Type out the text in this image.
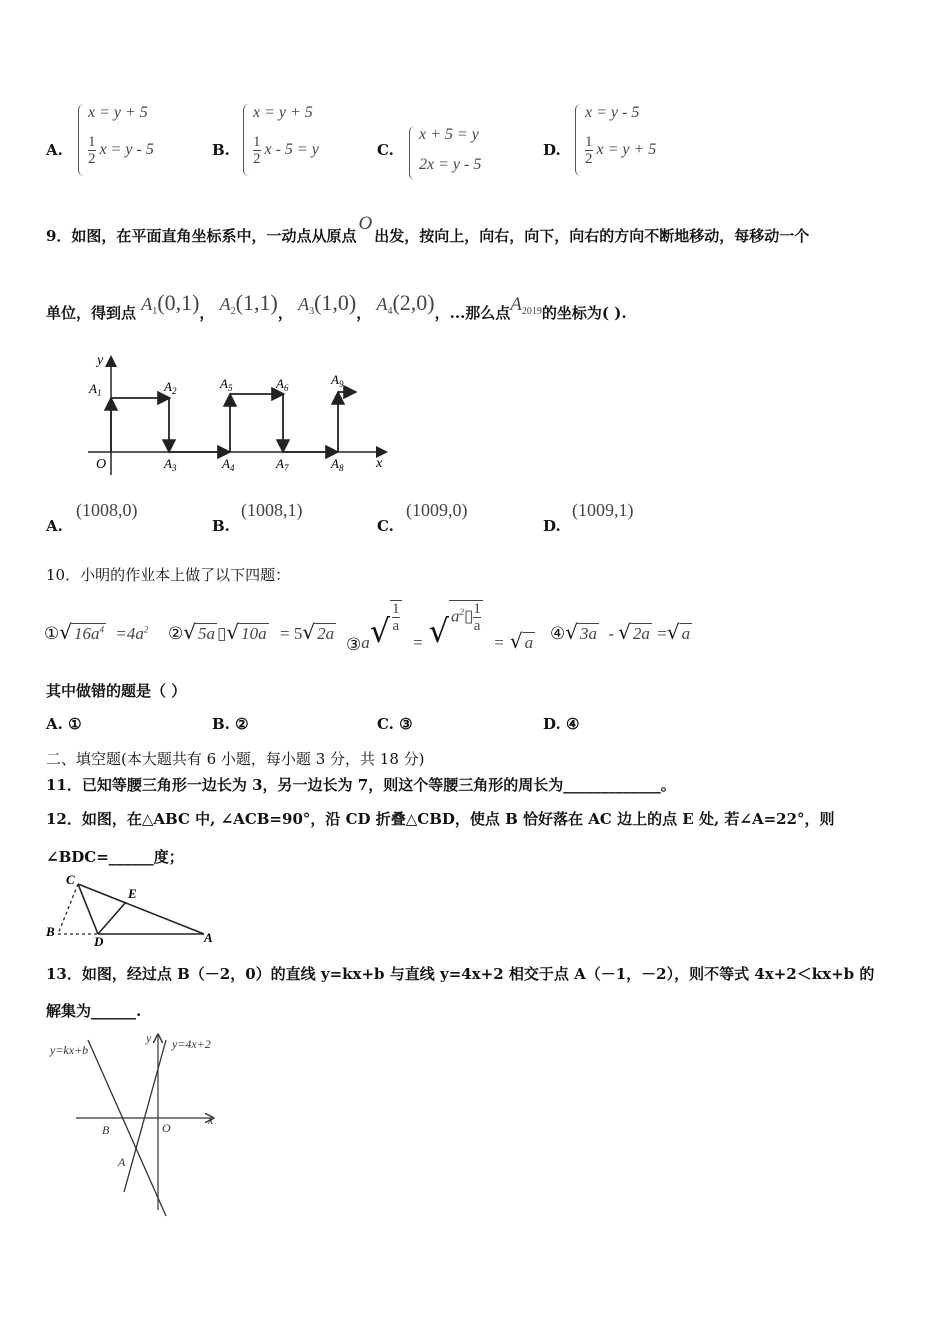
A.
x = y + 5
$\frac{1}{2}$ x = y - 5	B.
x = y + 5
$\frac{1}{2}$ x - 5 = y	C.
x + 5 = y
2x = y - 5
D.
x = y - 5
$\frac{1}{2}$ x = y + 5
9．如图，在平面直角坐标系中，一动点从原点O出发，按向上，向右，向下，向右的方向不断地移动，每移动一个
单位，得到点 $A_1(0,1)$， $A_2(1,1)$， $A_3(1,0)$， $A_4(2,0)$，...那么点$A_{2019}$的坐标为( ).
y
x
O
$A_1$	$A_2$	$A_5$	$A_6$
$A_9$
$A_3$	$A_4$	$A_7$	$A_8$
A.
(1008,0)
B.
(1008,1)
C.
(1009,0)
D.
(1009,1)
10．小明的作业本上做了以下四题：
①√ $16a^4 =4a^2$ ②√ 5a ▯√ 10a = 5√ 2a
③a√ $\frac{1}{a}$
= √ $a^2▯ \frac{1}{a}$
= √ a ④√ 3a - √ 2a =√ a
其中做错的题是（ ）
A. ①	B. ②	C. ③	D. ④
二、填空题(本大题共有 6 小题，每小题 3 分，共 18 分)
11．已知等腰三角形一边长为 3，另一边长为 7，则这个等腰三角形的周长为_____________。
12．如图，在△ABC 中, ∠ACB=90°，沿 CD 折叠△CBD，使点 B 恰好落在 AC 边上的点 E 处, 若∠A=22°，则
∠BDC=______度；
C
E
B
D	A
13．如图，经过点 B（－2，0）的直线 y=kx+b 与直线 y=4x+2 相交于点 A（－1，－2），则不等式 4x+2＜kx+b 的
解集为______.
y=kx+b	y=4x+2
y
x
B	O
A
